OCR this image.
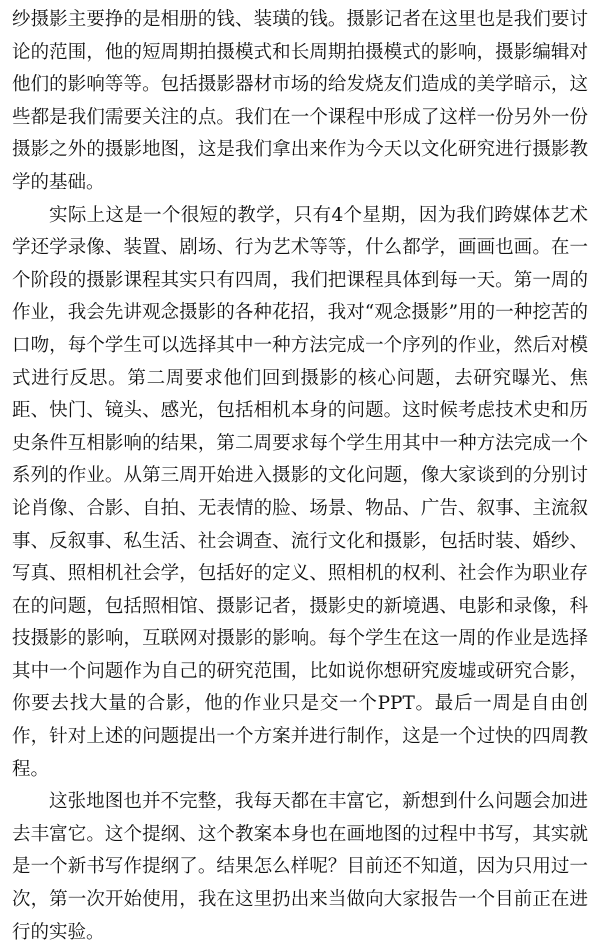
纱摄影主要挣的是相册的钱、装璜的钱。摄影记者在这里也是我们要讨论的范围，他的短周期拍摄模式和长周期拍摄模式的影响，摄影编辑对他们的影响等等。包括摄影器材市场的给发烧友们造成的美学暗示，这些都是我们需要关注的点。我们在一个课程中形成了这样一份另外一份摄影之外的摄影地图，这是我们拿出来作为今天以文化研究进行摄影教学的基础。

实际上这是一个很短的教学，只有4个星期，因为我们跨媒体艺术学还学录像、装置、剧场、行为艺术等等，什么都学，画画也画。在一个阶段的摄影课程其实只有四周，我们把课程具体到每一天。第一周的作业，我会先讲观念摄影的各种花招，我对“观念摄影”用的一种挖苦的口吻，每个学生可以选择其中一种方法完成一个序列的作业，然后对模式进行反思。第二周要求他们回到摄影的核心问题，去研究曝光、焦距、快门、镜头、感光，包括相机本身的问题。这时候考虑技术史和历史条件互相影响的结果，第二周要求每个学生用其中一种方法完成一个系列的作业。从第三周开始进入摄影的文化问题，像大家谈到的分别讨论肖像、合影、自拍、无表情的脸、场景、物品、广告、叙事、主流叙事、反叙事、私生活、社会调查、流行文化和摄影，包括时装、婚纱、写真、照相机社会学，包括好的定义、照相机的权利、社会作为职业存在的问题，包括照相馆、摄影记者，摄影史的新境遇、电影和录像，科技摄影的影响，互联网对摄影的影响。每个学生在这一周的作业是选择其中一个问题作为自己的研究范围，比如说你想研究废墟或研究合影，你要去找大量的合影，他的作业只是交一个PPT。最后一周是自由创作，针对上述的问题提出一个方案并进行制作，这是一个过快的四周教程。

这张地图也并不完整，我每天都在丰富它，新想到什么问题会加进去丰富它。这个提纲、这个教案本身也在画地图的过程中书写，其实就是一个新书写作提纲了。结果怎么样呢？目前还不知道，因为只用过一次，第一次开始使用，我在这里扔出来当做向大家报告一个目前正在进行的实验。
